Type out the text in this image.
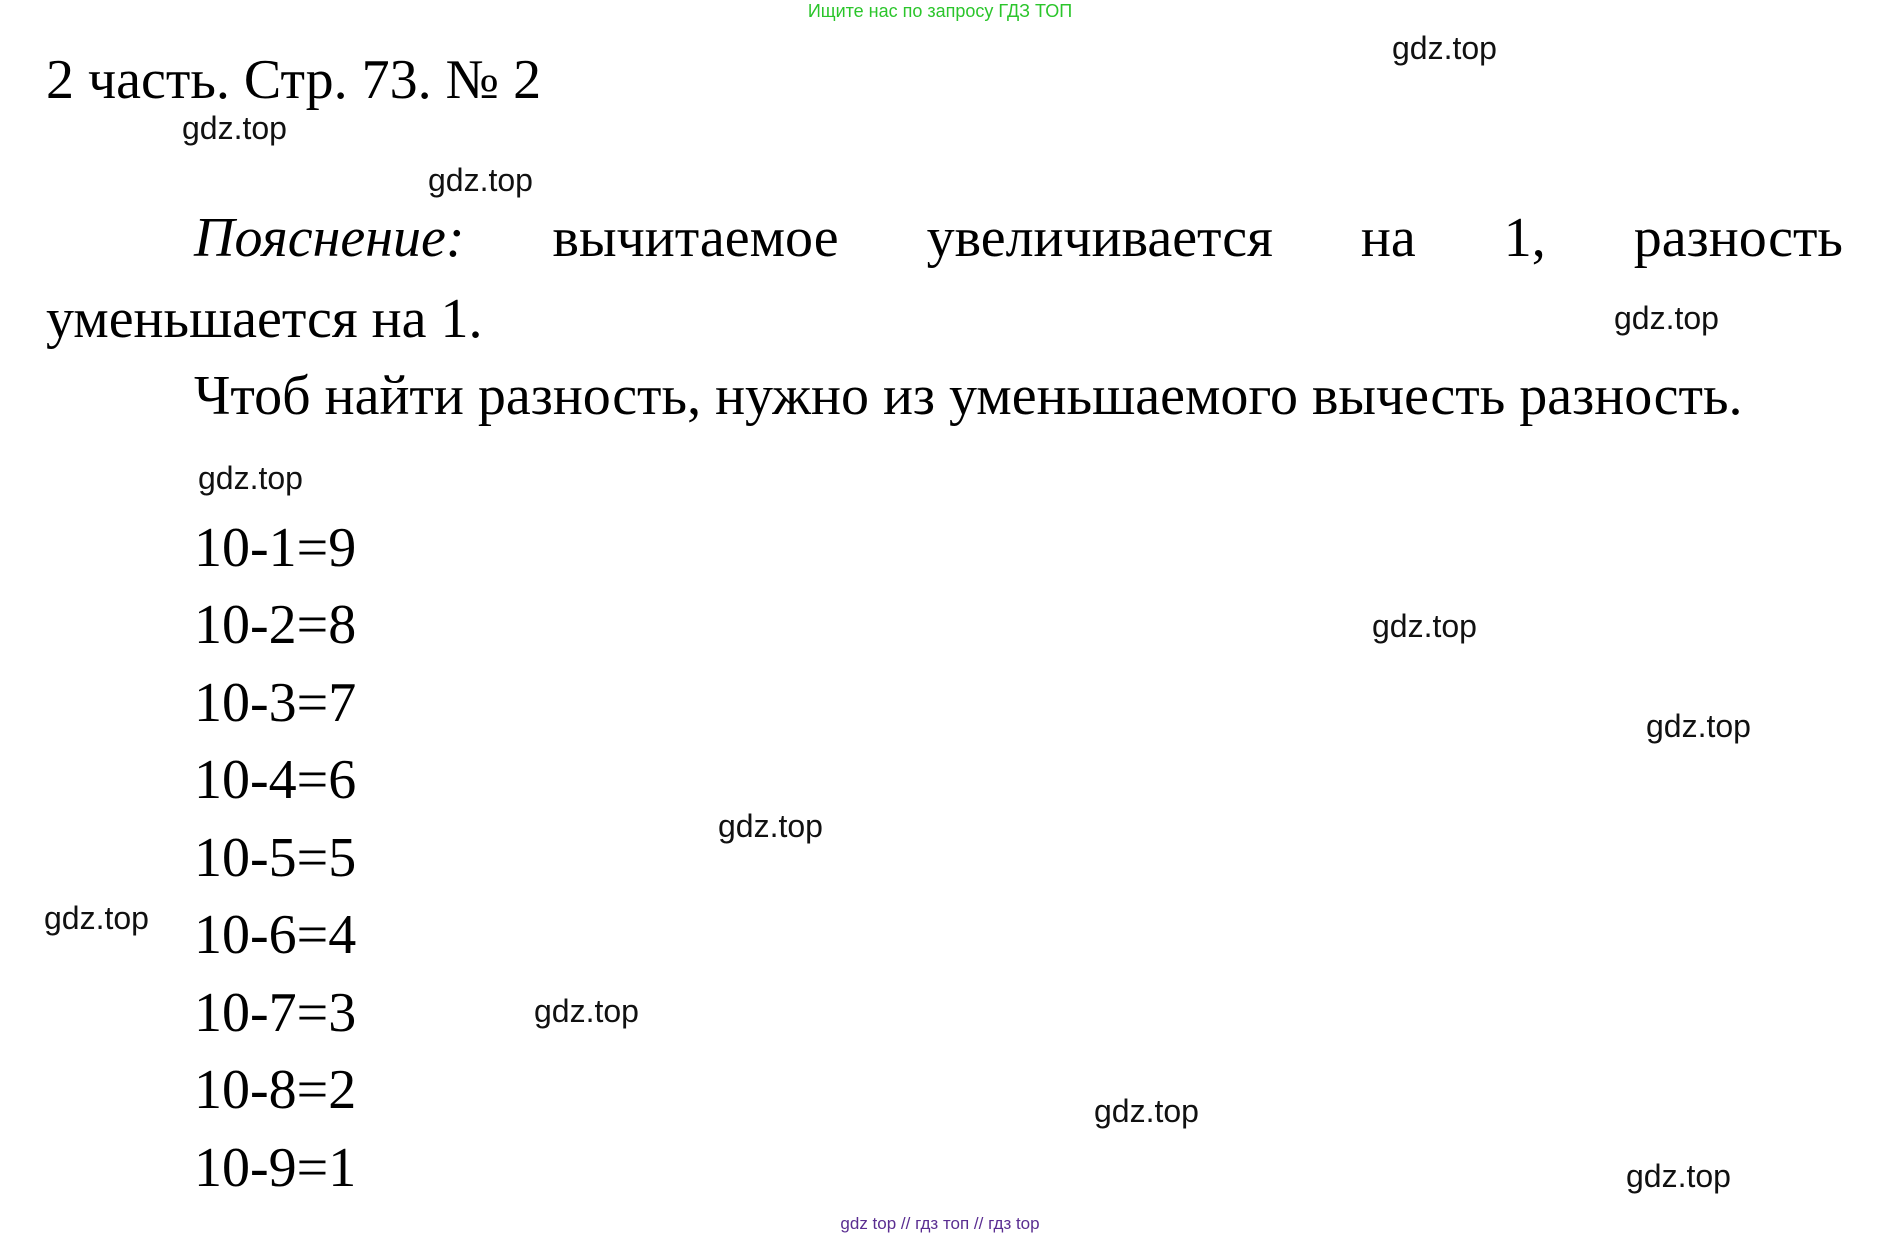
Ищите нас по запросу ГДЗ ТОП
2 часть. Стр. 73. № 2
Пояснение: вычитаемое увеличивается на 1, разность
уменьшается на 1.
Чтоб найти разность, нужно из уменьшаемого вычесть разность.
10-1=9
10-2=8
10-3=7
10-4=6
10-5=5
10-6=4
10-7=3
10-8=2
10-9=1
gdz.top
gdz.top
gdz.top
gdz.top
gdz.top
gdz.top
gdz.top
gdz.top
gdz.top
gdz.top
gdz.top
gdz.top
gdz top // гдз топ // гдз top
